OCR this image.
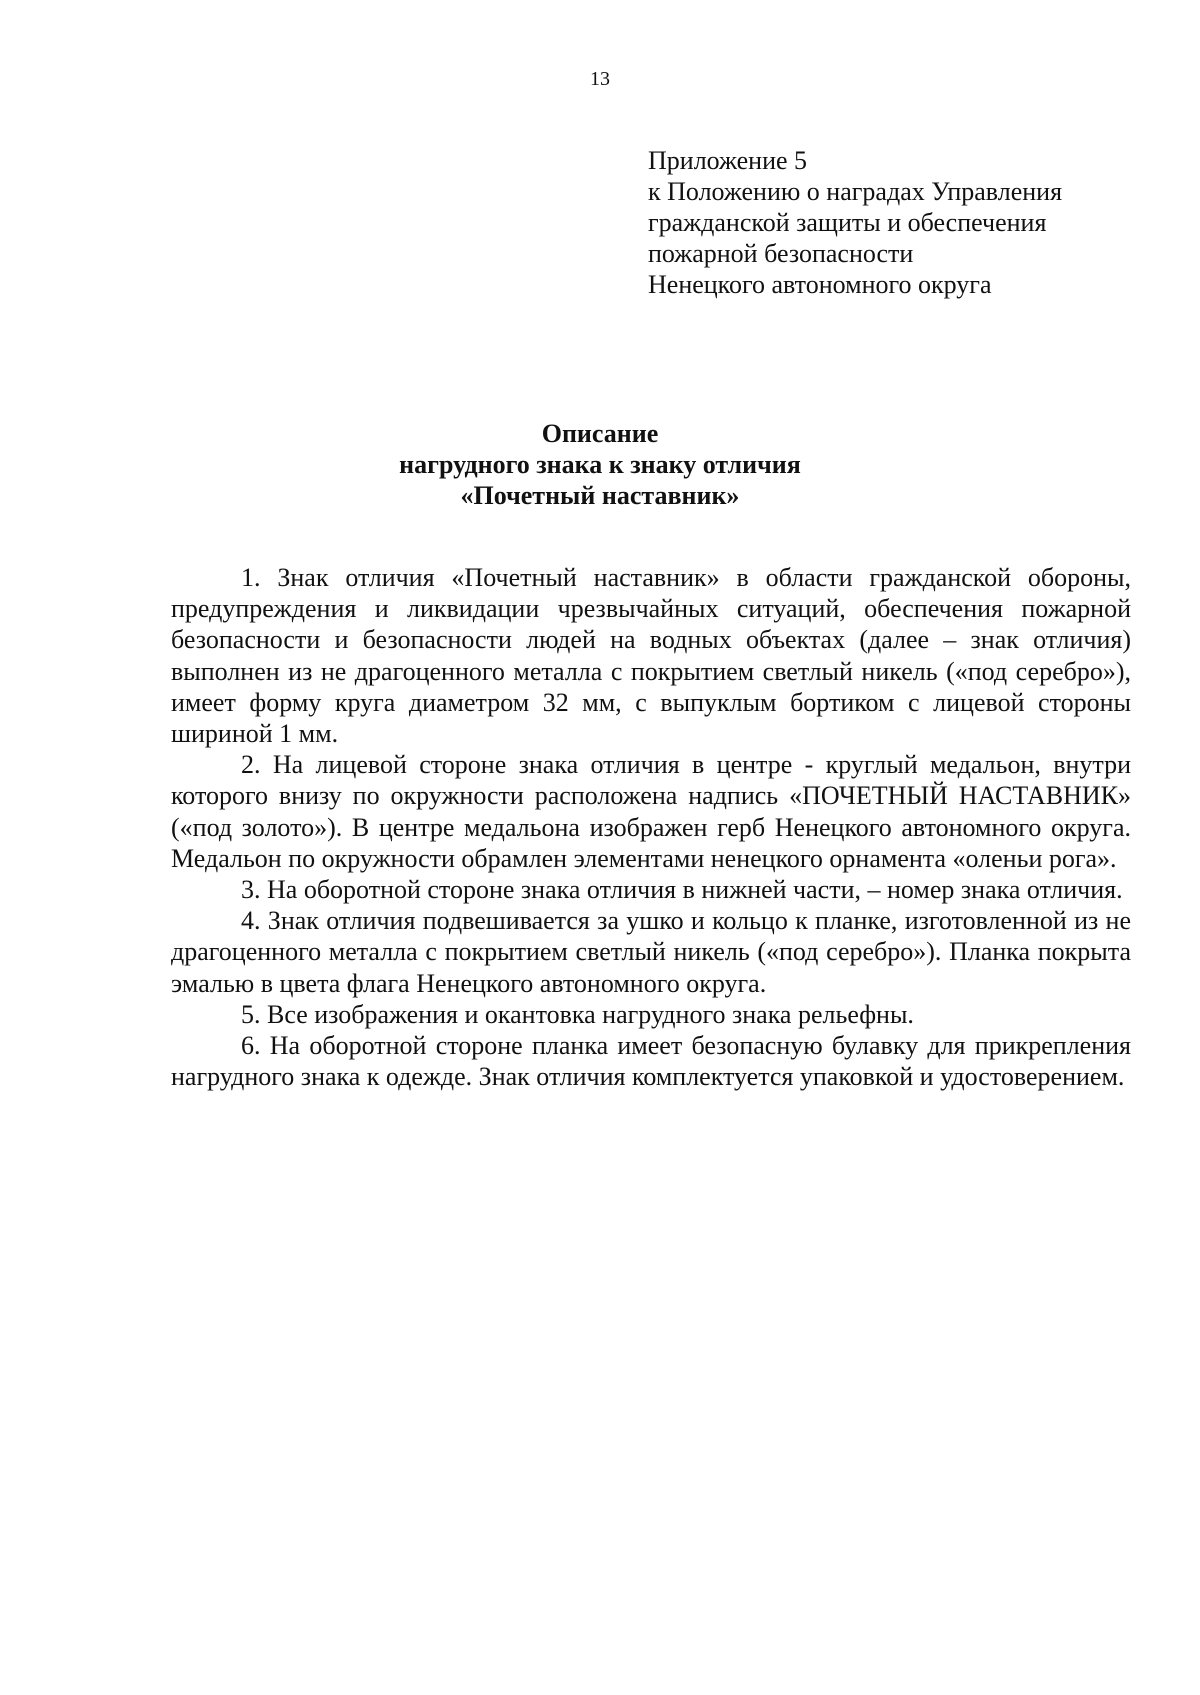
13
Приложение 5
к Положению о наградах Управления
гражданской защиты и обеспечения
пожарной безопасности
Ненецкого автономного округа
Описание
нагрудного знака к знаку отличия
«Почетный наставник»

1. Знак отличия «Почетный наставник» в области гражданской обороны, предупреждения и ликвидации чрезвычайных ситуаций, обеспечения пожарной безопасности и безопасности людей на водных объектах (далее – знак отличия) выполнен из не драгоценного металла с покрытием светлый никель («под серебро»), имеет форму круга диаметром 32 мм, с выпуклым бортиком с лицевой стороны шириной 1 мм.

2. На лицевой стороне знака отличия в центре - круглый медальон, внутри которого внизу по окружности расположена надпись «ПОЧЕТНЫЙ НАСТАВНИК» («под золото»). В центре медальона изображен герб Ненецкого автономного округа. Медальон по окружности обрамлен элементами ненецкого орнамента «оленьи рога».

3. На оборотной стороне знака отличия в нижней части, – номер знака отличия.

4. Знак отличия подвешивается за ушко и кольцо к планке, изготовленной из не драгоценного металла с покрытием светлый никель («под серебро»). Планка покрыта эмалью в цвета флага Ненецкого автономного округа.

5. Все изображения и окантовка нагрудного знака рельефны.

6. На оборотной стороне планка имеет безопасную булавку для прикрепления нагрудного знака к одежде. Знак отличия комплектуется упаковкой и удостоверением.
